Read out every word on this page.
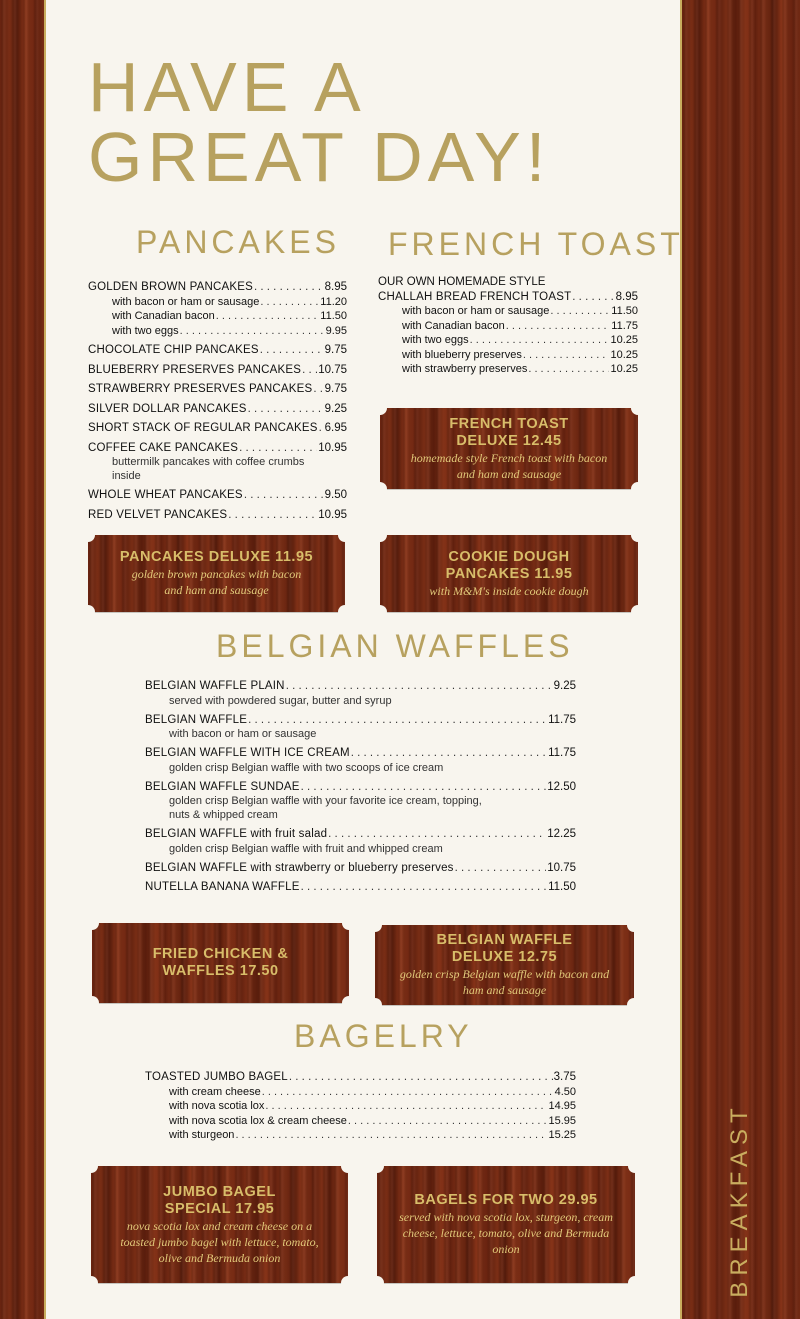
BREAKFAST
HAVE A
GREAT DAY!
PANCAKES
GOLDEN BROWN PANCAKES . . .	8.95
with bacon or ham or sausage . . .	11.20
with Canadian bacon . . .	11.50
with two eggs . . .	9.95
CHOCOLATE CHIP PANCAKES . . .	9.75
BLUEBERRY PRESERVES PANCAKES . . . 10.75
STRAWBERRY PRESERVES PANCAKES . . . 9.75
SILVER DOLLAR PANCAKES . . .	9.25
SHORT STACK OF REGULAR PANCAKES . . . 6.95
COFFEE CAKE PANCAKES . . .	10.95
buttermilk pancakes with coffee crumbs inside
WHOLE WHEAT PANCAKES . . .	9.50
RED VELVET PANCAKES . . .	10.95
FRENCH TOAST
OUR OWN HOMEMADE STYLE
CHALLAH BREAD FRENCH TOAST . . .	8.95
with bacon or ham or sausage . . .	11.50
with Canadian bacon . . .	11.75
with two eggs . . .	10.25
with blueberry preserves . . .	10.25
with strawberry preserves . . .	10.25
FRENCH TOAST DELUXE 12.45
homemade style French toast with bacon and ham and sausage
PANCAKES DELUXE 11.95
golden brown pancakes with bacon and ham and sausage
COOKIE DOUGH PANCAKES 11.95
with M&M's inside cookie dough
BELGIAN WAFFLES
BELGIAN WAFFLE PLAIN . . .	9.25
served with powdered sugar, butter and syrup
BELGIAN WAFFLE . . .	11.75
with bacon or ham or sausage
BELGIAN WAFFLE WITH ICE CREAM . . .	11.75
golden crisp Belgian waffle with two scoops of ice cream
BELGIAN WAFFLE SUNDAE . . .	12.50
golden crisp Belgian waffle with your favorite ice cream, topping, nuts & whipped cream
BELGIAN WAFFLE with fruit salad . . .	12.25
golden crisp Belgian waffle with fruit and whipped cream
BELGIAN WAFFLE with strawberry or blueberry preserves . . .	10.75
NUTELLA BANANA WAFFLE . . .	11.50
FRIED CHICKEN & WAFFLES 17.50
BELGIAN WAFFLE DELUXE 12.75
golden crisp Belgian waffle with bacon and ham and sausage
BAGELRY
TOASTED JUMBO BAGEL . . .	3.75
with cream cheese . . .	4.50
with nova scotia lox . . .	14.95
with nova scotia lox & cream cheese . . .	15.95
with sturgeon . . .	15.25
JUMBO BAGEL SPECIAL 17.95
nova scotia lox and cream cheese on a toasted jumbo bagel with lettuce, tomato, olive and Bermuda onion
BAGELS FOR TWO 29.95
served with nova scotia lox, sturgeon, cream cheese, lettuce, tomato, olive and Bermuda onion
